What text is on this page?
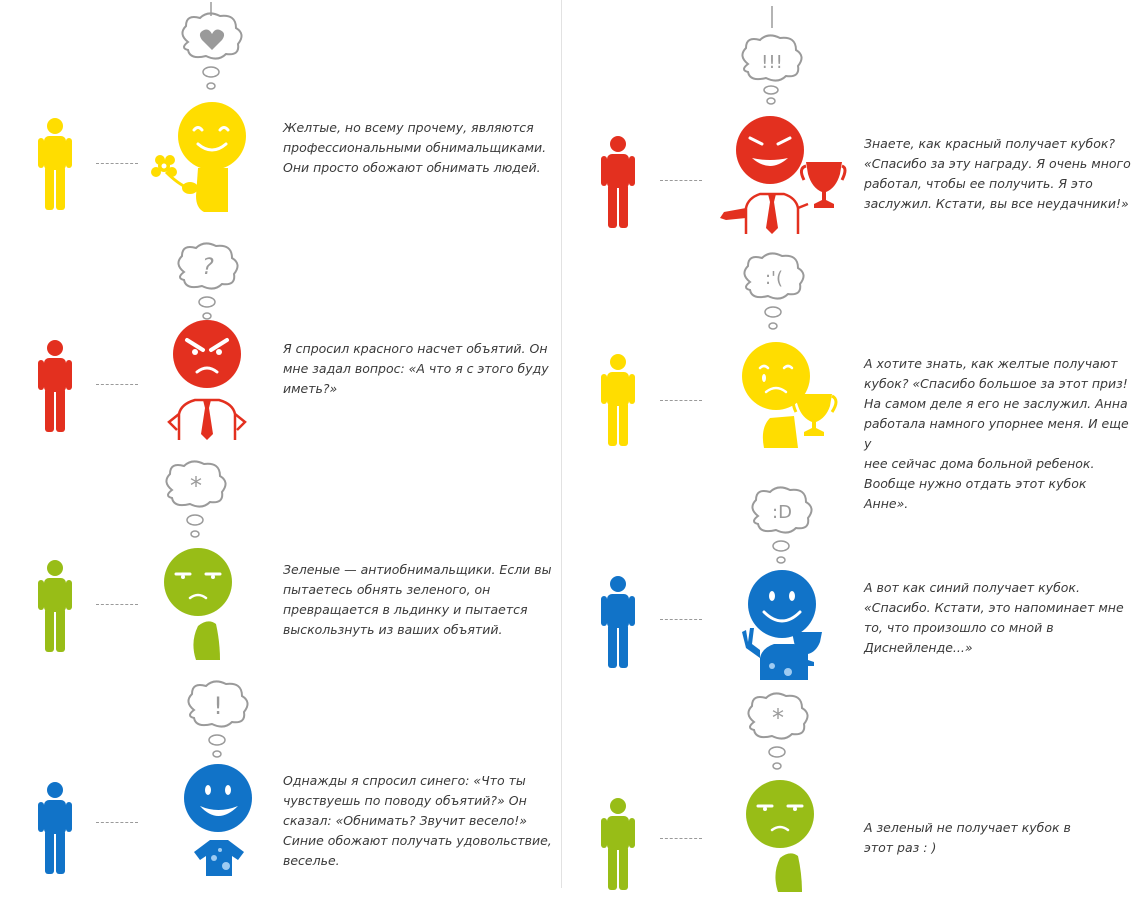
Желтые, но всему прочему, являются
профессиональными обнимальщиками.
Они просто обожают обнимать людей.

?

Я спросил красного насчет объятий. Он
мне задал вопрос: «А что я с этого буду
иметь?»

*

Зеленые — антиобнимальщики. Если вы
пытаетесь обнять зеленого, он
превращается в льдинку и пытается
выскользнуть из ваших объятий.

!

Однажды я спросил синего: «Что ты
чувствуешь по поводу объятий?» Он
сказал: «Обнимать? Звучит весело!»
Синие обожают получать удовольствие,
веселье.

!!!

Знаете, как красный получает кубок?
«Спасибо за эту награду. Я очень много
работал, чтобы ее получить. Я это
заслужил. Кстати, вы все неудачники!»

:'(

А хотите знать, как желтые получают
кубок? «Спасибо большое за этот приз!
На самом деле я его не заслужил. Анна
работала намного упорнее меня. И еще у
нее сейчас дома больной ребенок.
Вообще нужно отдать этот кубок
Анне».

:D

А вот как синий получает кубок.
«Спасибо. Кстати, это напоминает мне
то, что произошло со мной в
Диснейленде...»

*

А зеленый не получает кубок в
этот раз : )
